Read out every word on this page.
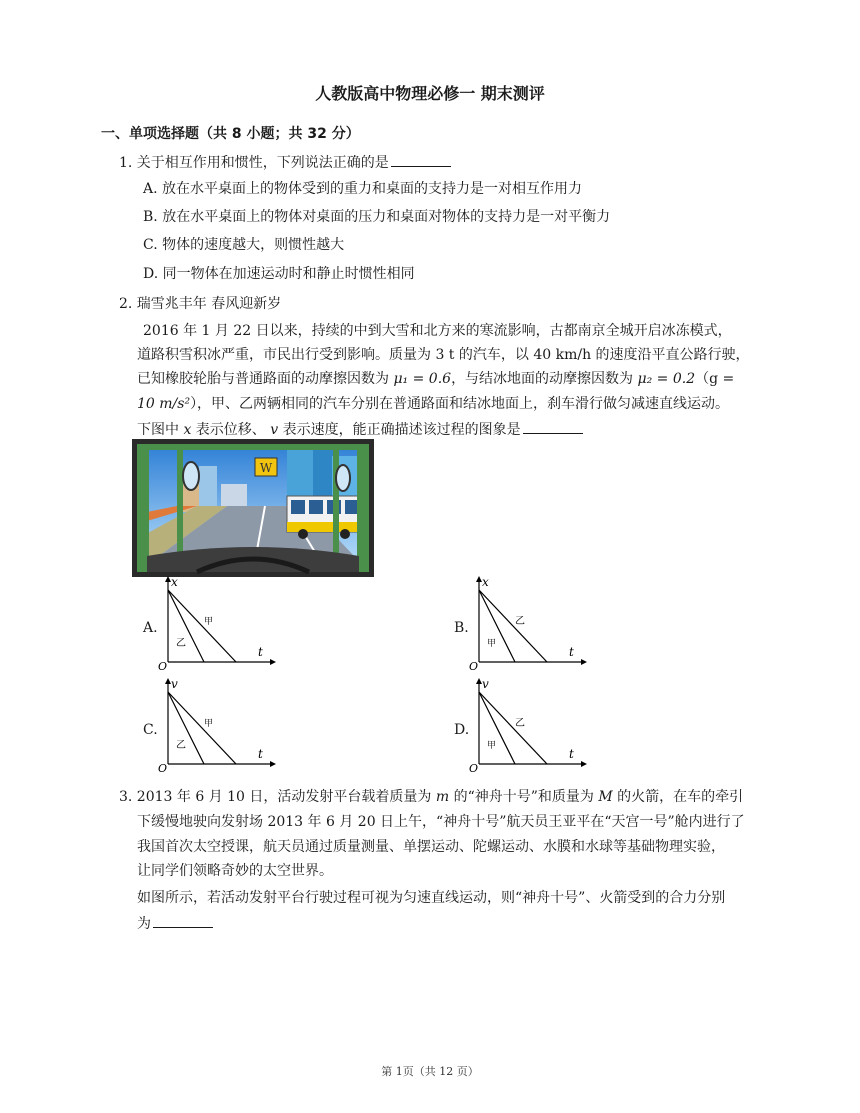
人教版高中物理必修一 期末测评
一、单项选择题（共 8 小题；共 32 分）
1. 关于相互作用和惯性，下列说法正确的是
A. 放在水平桌面上的物体受到的重力和桌面的支持力是一对相互作用力
B. 放在水平桌面上的物体对桌面的压力和桌面对物体的支持力是一对平衡力
C. 物体的速度越大，则惯性越大
D. 同一物体在加速运动时和静止时惯性相同
2. 瑞雪兆丰年 春风迎新岁
2016 年 1 月 22 日以来，持续的中到大雪和北方来的寒流影响，古都南京全城开启冰冻模式，
道路积雪积冰严重，市民出行受到影响。质量为 3 t 的汽车，以 40 km/h 的速度沿平直公路行驶，
已知橡胶轮胎与普通路面的动摩擦因数为 μ₁ = 0.6，与结冰地面的动摩擦因数为 μ₂ = 0.2（g =
10 m/s²），甲、乙两辆相同的汽车分别在普通路面和结冰地面上，刹车滑行做匀减速直线运动。
下图中 x 表示位移、 v 表示速度，能正确描述该过程的图象是
W
A.
x
t
O
甲
乙
B.
x
t
O
乙
甲
C.
v
t
O
甲
乙
D.
v
t
O
乙
甲
3. 2013 年 6 月 10 日，活动发射平台载着质量为 m 的“神舟十号”和质量为 M 的火箭，在车的牵引
下缓慢地驶向发射场 2013 年 6 月 20 日上午，“神舟十号”航天员王亚平在“天宫一号”舱内进行了
我国首次太空授课，航天员通过质量测量、单摆运动、陀螺运动、水膜和水球等基础物理实验，
让同学们领略奇妙的太空世界。
如图所示，若活动发射平台行驶过程可视为匀速直线运动，则“神舟十号”、火箭受到的合力分别
为
第 1页（共 12 页）
